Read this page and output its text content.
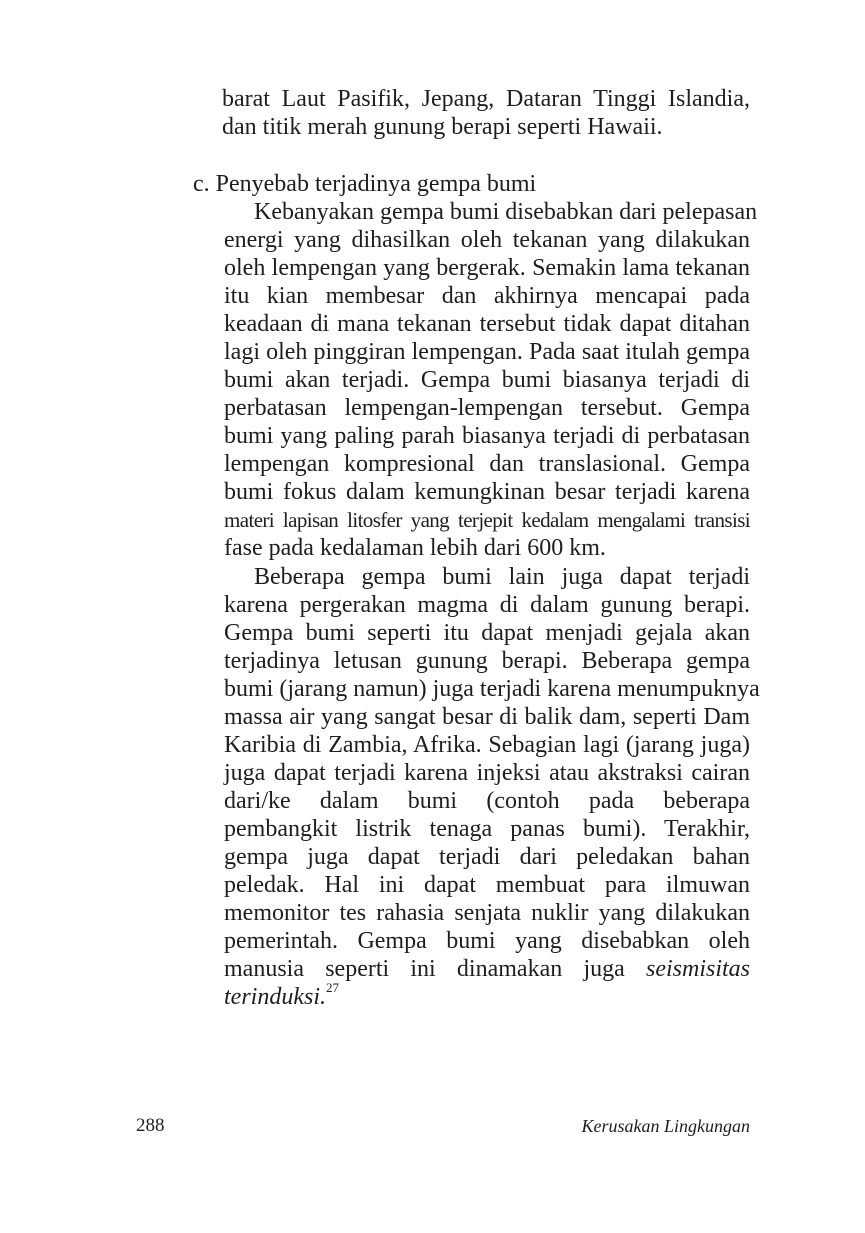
barat Laut Pasifik, Jepang, Dataran Tinggi Islandia,
dan titik merah gunung berapi seperti Hawaii.
c. Penyebab terjadinya gempa bumi
Kebanyakan gempa bumi disebabkan dari pelepasan
energi yang dihasilkan oleh tekanan yang dilakukan
oleh lempengan yang bergerak. Semakin lama tekanan
itu kian membesar dan akhirnya mencapai pada
keadaan di mana tekanan tersebut tidak dapat ditahan
lagi oleh pinggiran lempengan. Pada saat itulah gempa
bumi akan terjadi. Gempa bumi biasanya terjadi di
perbatasan lempengan-lempengan tersebut. Gempa
bumi yang paling parah biasanya terjadi di perbatasan
lempengan kompresional dan translasional. Gempa
bumi fokus dalam kemungkinan besar terjadi karena
materi lapisan litosfer yang terjepit kedalam mengalami transisi
fase pada kedalaman lebih dari 600 km.
Beberapa gempa bumi lain juga dapat terjadi
karena pergerakan magma di dalam gunung berapi.
Gempa bumi seperti itu dapat menjadi gejala akan
terjadinya letusan gunung berapi. Beberapa gempa
bumi (jarang namun) juga terjadi karena menumpuknya
massa air yang sangat besar di balik dam, seperti Dam
Karibia di Zambia, Afrika. Sebagian lagi (jarang juga)
juga dapat terjadi karena injeksi atau akstraksi cairan
dari/ke dalam bumi (contoh pada beberapa
pembangkit listrik tenaga panas bumi). Terakhir,
gempa juga dapat terjadi dari peledakan bahan
peledak. Hal ini dapat membuat para ilmuwan
memonitor tes rahasia senjata nuklir yang dilakukan
pemerintah. Gempa bumi yang disebabkan oleh
manusia seperti ini dinamakan juga seismisitas
terinduksi.$^{27}$
288	Kerusakan Lingkungan
